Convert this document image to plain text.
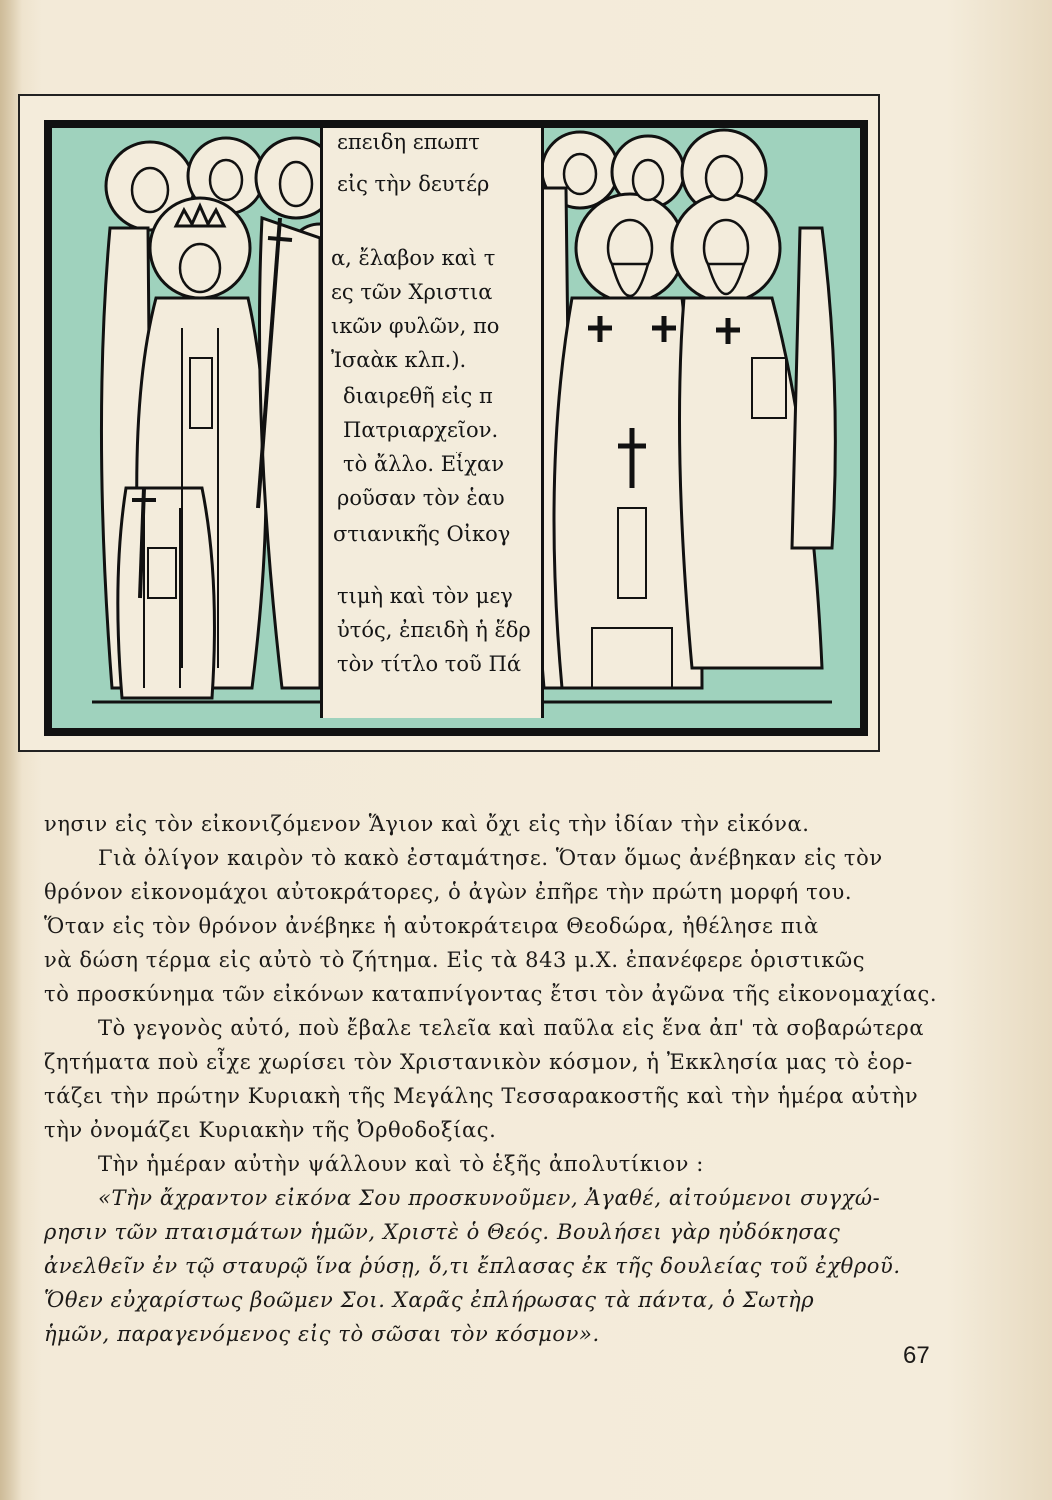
επειδη επωπτ
εἰς τὴν δευτέρ
α, ἔλαβον καὶ τ
ες τῶν Χριστια
ικῶν φυλῶν, πο
Ἰσαὰκ κλπ.).
διαιρεθῆ εἰς π
Πατριαρχεῖον.
τὸ ἄλλο. Εἶχαν
ροῦσαν τὸν ἑαυ
στιανικῆς Οἰκογ
τιμὴ καὶ τὸν μεγ
ὐτός, ἐπειδὴ ἡ ἕδρ
τὸν τίτλο τοῦ Πά
νησιν εἰς τὸν εἰκονιζόμενον Ἅγιον καὶ ὄχι εἰς τὴν ἰδίαν τὴν εἰκόνα.
Γιὰ ὀλίγον καιρὸν τὸ κακὸ ἐσταμάτησε. Ὅταν ὅμως ἀνέβηκαν εἰς τὸν
θρόνον εἰκονομάχοι αὐτοκράτορες, ὁ ἀγὼν ἐπῆρε τὴν πρώτη μορφή του.
Ὅταν εἰς τὸν θρόνον ἀνέβηκε ἡ αὐτοκράτειρα Θεοδώρα, ἠθέλησε πιὰ
νὰ δώση τέρμα εἰς αὐτὸ τὸ ζήτημα. Εἰς τὰ 843 μ.Χ. ἐπανέφερε ὁριστικῶς
τὸ προσκύνημα τῶν εἰκόνων καταπνίγοντας ἔτσι τὸν ἀγῶνα τῆς εἰκονομαχίας.
Τὸ γεγονὸς αὐτό, ποὺ ἔβαλε τελεῖα καὶ παῦλα εἰς ἕνα ἀπ' τὰ σοβαρώτερα
ζητήματα ποὺ εἶχε χωρίσει τὸν Χριστανικὸν κόσμον, ἡ Ἐκκλησία μας τὸ ἑορ-
τάζει τὴν πρώτην Κυριακὴ τῆς Μεγάλης Τεσσαρακοστῆς καὶ τὴν ἡμέρα αὐτὴν
τὴν ὀνομάζει Κυριακὴν τῆς Ὀρθοδοξίας.
Τὴν ἡμέραν αὐτὴν ψάλλουν καὶ τὸ ἑξῆς ἀπολυτίκιον :
«Τὴν ἄχραντον εἰκόνα Σου προσκυνοῦμεν, Ἀγαθέ, αἰτούμενοι συγχώ-
ρησιν τῶν πταισμάτων ἡμῶν, Χριστὲ ὁ Θεός. Βουλήσει γὰρ ηὐδόκησας
ἀνελθεῖν ἐν τῷ σταυρῷ ἵνα ῥύσῃ, ὅ,τι ἔπλασας ἐκ τῆς δουλείας τοῦ ἐχθροῦ.
Ὅθεν εὐχαρίστως βοῶμεν Σοι. Χαρᾶς ἐπλήρωσας τὰ πάντα, ὁ Σωτὴρ
ἡμῶν, παραγενόμενος εἰς τὸ σῶσαι τὸν κόσμον».
67
